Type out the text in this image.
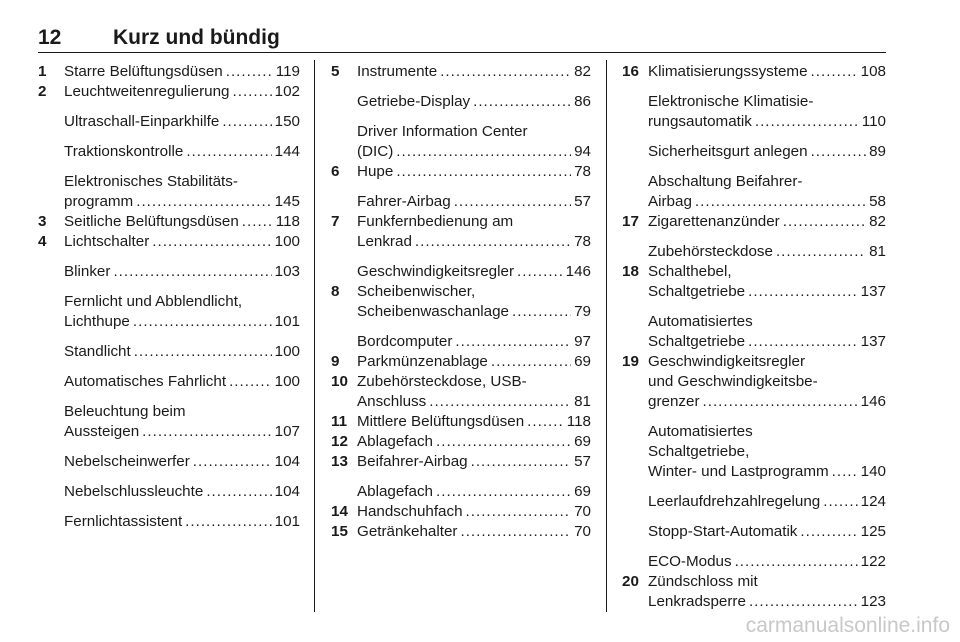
12 Kurz und bündig
1 Starre Belüftungsdüsen .....	119
2 Leuchtweitenregulierung .....	102
Ultraschall-Einparkhilfe .....	150
Traktionskontrolle .....	144
Elektronisches Stabilitäts-
programm .....	145
3 Seitliche Belüftungsdüsen ..... 118
4 Lichtschalter .....	100
Blinker .....	103
Fernlicht und Abblendlicht,
Lichthupe .....	101
Standlicht .....	100
Automatisches Fahrlicht .....	100
Beleuchtung beim
Aussteigen .....	107
Nebelscheinwerfer .....	104
Nebelschlussleuchte .....	104
Fernlichtassistent .....	101
5 Instrumente .....	82
Getriebe-Display .....	86
Driver Information Center
(DIC) .....	94
6 Hupe .....	78
Fahrer-Airbag .....	57
7 Funkfernbedienung am
Lenkrad .....	78
Geschwindigkeitsregler .....	146
8 Scheibenwischer,
Scheibenwaschanlage .....	79
Bordcomputer .....	97
9 Parkmünzenablage .....	69
10 Zubehörsteckdose, USB-
Anschluss .....	81
11 Mittlere Belüftungsdüsen .....	118
12 Ablagefach .....	69
13 Beifahrer-Airbag .....	57
Ablagefach .....	69
14 Handschuhfach .....	70
15 Getränkehalter .....	70
16 Klimatisierungssysteme .....	108
Elektronische Klimatisie-
rungsautomatik .....	110
Sicherheitsgurt anlegen .....	89
Abschaltung Beifahrer-
Airbag .....	58
17 Zigarettenanzünder .....	82
Zubehörsteckdose .....	81
18 Schalthebel,
Schaltgetriebe .....	137
Automatisiertes
Schaltgetriebe .....	137
19 Geschwindigkeitsregler
und Geschwindigkeitsbe-
grenzer .....	146
Automatisiertes
Schaltgetriebe,
Winter- und Lastprogramm ..... 140
Leerlaufdrehzahlregelung .....	124
Stopp-Start-Automatik .....	125
ECO-Modus .....	122
20 Zündschloss mit
Lenkradsperre .....	123
carmanualsonline.info
